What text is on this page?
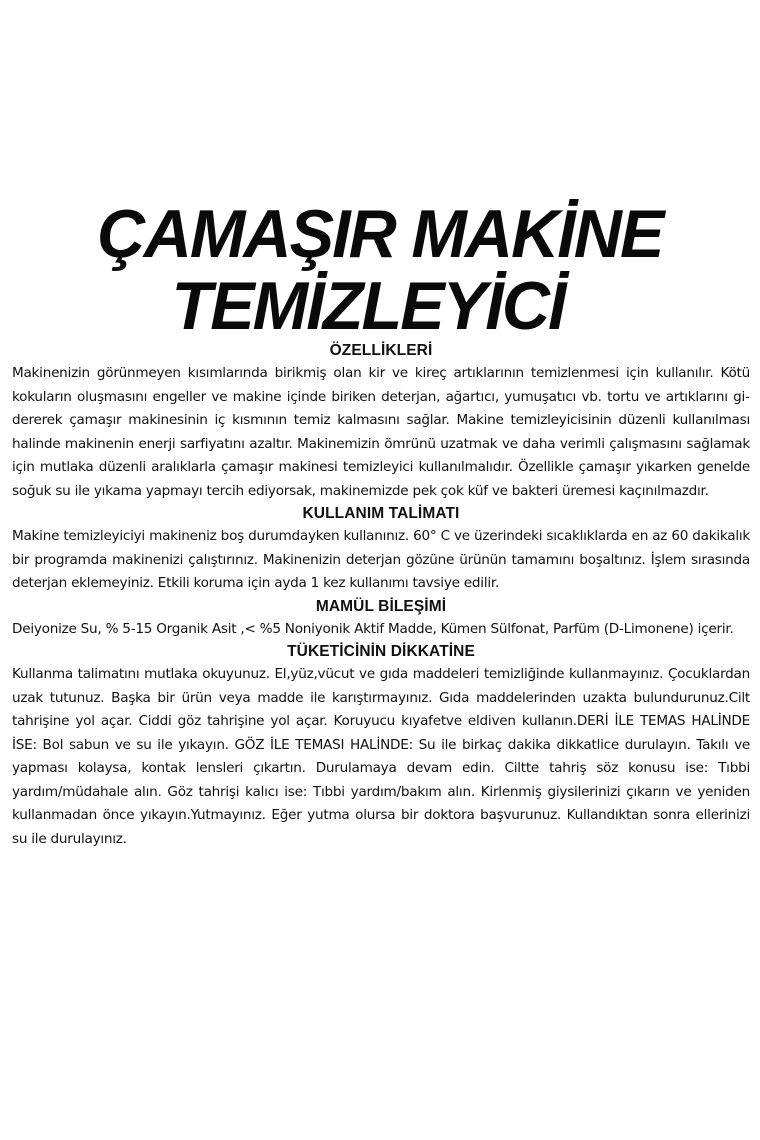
ÇAMAŞIR MAKİNE
TEMİZLEYİCİ
ÖZELLİKLERİ

Makinenizin görünmeyen kısımlarında birikmiş olan kir ve kireç artıklarının temizlenmesi için kullanılır. Kötü kokuların oluşmasını engeller ve makine içinde biriken deterjan, ağartıcı, yumuşatıcı vb. tortu ve artıklarını gidererek çamaşır makinesinin iç kısmının temiz kalmasını sağlar. Makine temizleyicisinin düzenli kullanılması halinde makinenin enerji sarfiyatını azaltır. Makinemizin ömrünü uzatmak ve daha verimli çalışmasını sağlamak için mutlaka düzenli aralıklarla çamaşır makinesi temizleyici kullanılmalıdır. Özellikle çamaşır yıkarken genelde soğuk su ile yıkama yapmayı tercih ediyorsak, makinemizde pek çok küf ve bakteri üremesi kaçınılmazdır.

KULLANIM TALİMATI

Makine temizleyiciyi makineniz boş durumdayken kullanınız. 60° C ve üzerindeki sıcaklıklarda en az 60 dakikalık bir programda makinenizi çalıştırınız. Makinenizin deterjan gözüne ürünün tamamını boşaltınız. İşlem sırasında deterjan eklemeyiniz. Etkili koruma için ayda 1 kez kullanımı tavsiye edilir.

MAMÜL BİLEŞİMİ

Deiyonize Su, % 5-15 Organik Asit ,< %5 Noniyonik Aktif Madde, Kümen Sülfonat, Parfüm (D-Limonene) içerir.

TÜKETİCİNİN DİKKATİNE

Kullanma talimatını mutlaka okuyunuz. El,yüz,vücut ve gıda maddeleri temizliğinde kullanmayınız. Çocuklardan uzak tutunuz. Başka bir ürün veya madde ile karıştırmayınız. Gıda maddelerinden uzakta bulundurunuz.Cilt tahrişine yol açar. Ciddi göz tahrişine yol açar. Koruyucu kıyafetve eldiven kullanın.DERİ İLE TEMAS HALİNDE İSE: Bol sabun ve su ile yıkayın. GÖZ İLE TEMASI HALİNDE: Su ile birkaç dakika dikkatlice durulayın. Takılı ve yapması kolaysa, kontak lensleri çıkartın. Durulamaya devam edin. Ciltte tahriş söz konusu ise: Tıbbi yardım/müdahale alın. Göz tahrişi kalıcı ise: Tıbbi yardım/bakım alın. Kirlenmiş giysilerinizi çıkarın ve yeniden kullanmadan önce yıkayın.Yutmayınız. Eğer yutma olursa bir doktora başvurunuz. Kullandıktan sonra ellerinizi su ile durulayınız.
